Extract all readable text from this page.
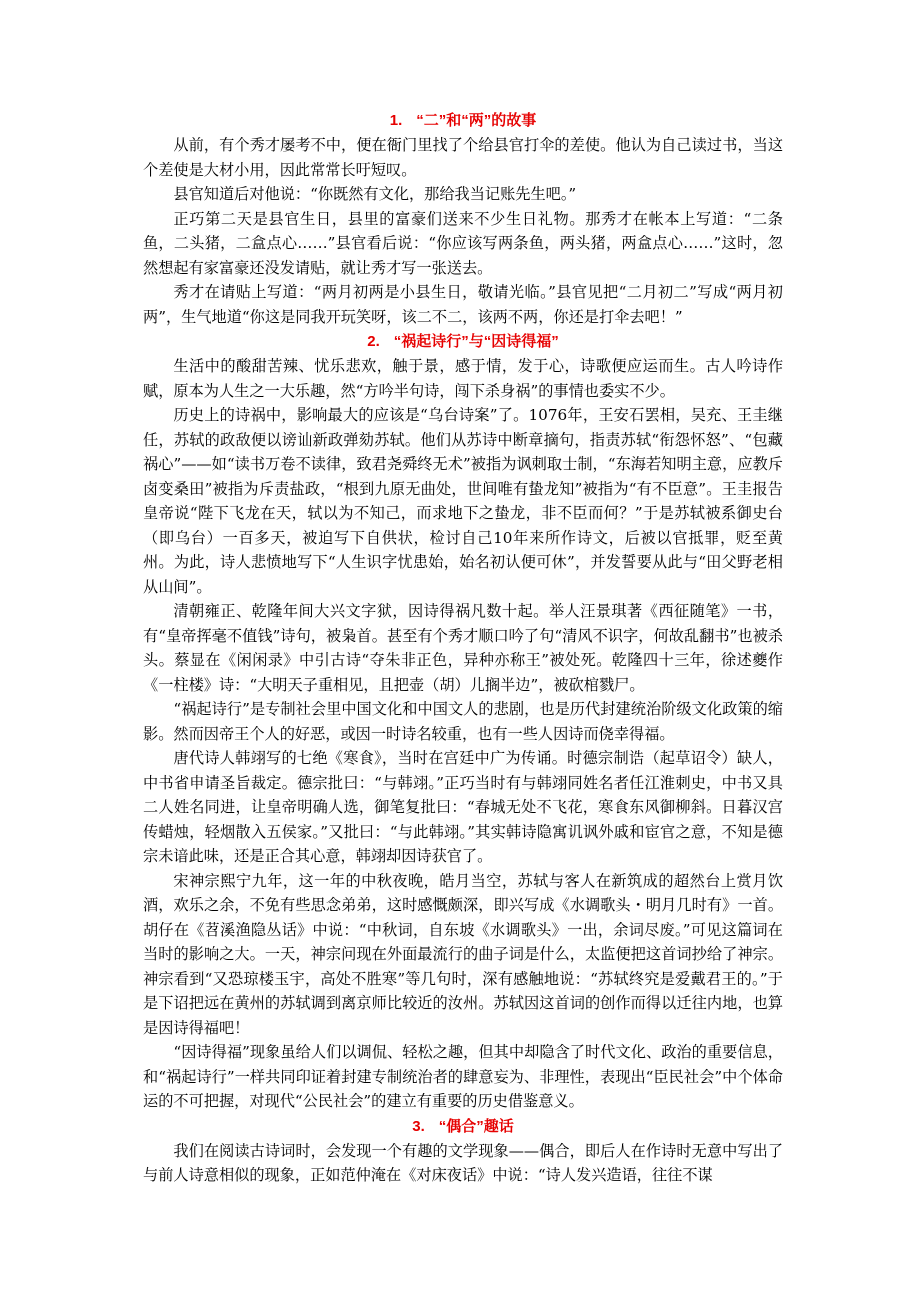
1. “二”和“两”的故事

从前，有个秀才屡考不中，便在衙门里找了个给县官打伞的差使。他认为自己读过书，当这个差使是大材小用，因此常常长吁短叹。

县官知道后对他说：“你既然有文化，那给我当记账先生吧。”

正巧第二天是县官生日，县里的富豪们送来不少生日礼物。那秀才在帐本上写道：“二条鱼，二头猪，二盒点心……”县官看后说：“你应该写两条鱼，两头猪，两盒点心……”这时，忽然想起有家富豪还没发请贴，就让秀才写一张送去。

秀才在请贴上写道：“两月初两是小县生日，敬请光临。”县官见把“二月初二”写成“两月初两”，生气地道“你这是同我开玩笑呀，该二不二，该两不两，你还是打伞去吧！”

2. “祸起诗行”与“因诗得福”

生活中的酸甜苦辣、忧乐悲欢，触于景，感于情，发于心，诗歌便应运而生。古人吟诗作赋，原本为人生之一大乐趣，然“方吟半句诗，闯下杀身祸”的事情也委实不少。

历史上的诗祸中，影响最大的应该是“乌台诗案”了。1076年，王安石罢相，吴充、王圭继任，苏轼的政敌便以谤讪新政弹劾苏轼。他们从苏诗中断章摘句，指责苏轼“衔怨怀怒”、“包藏祸心”——如“读书万卷不读律，致君尧舜终无术”被指为讽刺取士制，“东海若知明主意，应教斥卤变桑田”被指为斥责盐政，“根到九原无曲处，世间唯有蛰龙知”被指为“有不臣意”。王圭报告皇帝说“陛下飞龙在天，轼以为不知己，而求地下之蛰龙，非不臣而何？”于是苏轼被系御史台（即乌台）一百多天，被迫写下自供状，检讨自己10年来所作诗文，后被以官抵罪，贬至黄州。为此，诗人悲愤地写下“人生识字忧患始，始名初认便可休”，并发誓要从此与“田父野老相从山间”。

清朝雍正、乾隆年间大兴文字狱，因诗得祸凡数十起。举人汪景琪著《西征随笔》一书，有“皇帝挥毫不值钱”诗句，被枭首。甚至有个秀才顺口吟了句“清风不识字，何故乱翻书”也被杀头。蔡显在《闲闲录》中引古诗“夺朱非正色，异种亦称王”被处死。乾隆四十三年，徐述夔作《一柱楼》诗：“大明天子重相见，且把壶（胡）儿搁半边”，被砍棺戮尸。

“祸起诗行”是专制社会里中国文化和中国文人的悲剧，也是历代封建统治阶级文化政策的缩影。然而因帝王个人的好恶，或因一时诗名较重，也有一些人因诗而侥幸得福。

唐代诗人韩翊写的七绝《寒食》，当时在宫廷中广为传诵。时德宗制诰（起草诏令）缺人，中书省申请圣旨裁定。德宗批曰：“与韩翊。”正巧当时有与韩翊同姓名者任江淮刺史，中书又具二人姓名同进，让皇帝明确人选，御笔复批曰：“春城无处不飞花，寒食东风御柳斜。日暮汉宫传蜡烛，轻烟散入五侯家。”又批曰：“与此韩翊。”其实韩诗隐寓讥讽外戚和宦官之意，不知是德宗未谙此味，还是正合其心意，韩翊却因诗获官了。

宋神宗熙宁九年，这一年的中秋夜晚，皓月当空，苏轼与客人在新筑成的超然台上赏月饮酒，欢乐之余，不免有些思念弟弟，这时感慨颇深，即兴写成《水调歌头・明月几时有》一首。胡仔在《苕溪渔隐丛话》中说：“中秋词，自东坡《水调歌头》一出，余词尽废。”可见这篇词在当时的影响之大。一天，神宗问现在外面最流行的曲子词是什么，太监便把这首词抄给了神宗。神宗看到“又恐琼楼玉宇，高处不胜寒”等几句时，深有感触地说：“苏轼终究是爱戴君王的。”于是下诏把远在黄州的苏轼调到离京师比较近的汝州。苏轼因这首词的创作而得以迁往内地，也算是因诗得福吧！

“因诗得福”现象虽给人们以调侃、轻松之趣，但其中却隐含了时代文化、政治的重要信息，和“祸起诗行”一样共同印证着封建专制统治者的肆意妄为、非理性，表现出“臣民社会”中个体命运的不可把握，对现代“公民社会”的建立有重要的历史借鉴意义。

3. “偶合”趣话

我们在阅读古诗词时，会发现一个有趣的文学现象——偶合，即后人在作诗时无意中写出了与前人诗意相似的现象，正如范仲淹在《对床夜话》中说：“诗人发兴造语，往往不谋
